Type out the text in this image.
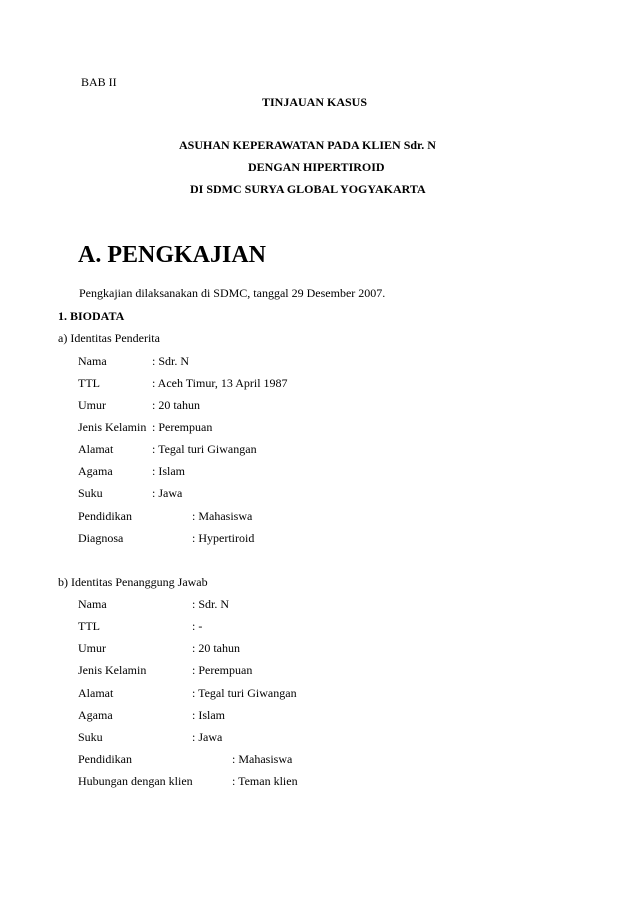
BAB II
TINJAUAN KASUS
ASUHAN KEPERAWATAN PADA KLIEN Sdr. N
DENGAN HIPERTIROID
DI SDMC SURYA GLOBAL YOGYAKARTA
A. PENGKAJIAN
Pengkajian dilaksanakan di SDMC, tanggal 29 Desember 2007.
1. BIODATA
a) Identitas Penderita
Nama	: Sdr. N
TTL	: Aceh Timur, 13 April 1987
Umur	: 20 tahun
Jenis Kelamin : Perempuan
Alamat	: Tegal turi Giwangan
Agama	: Islam
Suku	: Jawa
Pendidikan	: Mahasiswa
Diagnosa	: Hypertiroid
b) Identitas Penanggung Jawab
Nama	: Sdr. N
TTL	: -
Umur	: 20 tahun
Jenis Kelamin	: Perempuan
Alamat	: Tegal turi Giwangan
Agama	: Islam
Suku	: Jawa
Pendidikan	: Mahasiswa
Hubungan dengan klien	: Teman klien
